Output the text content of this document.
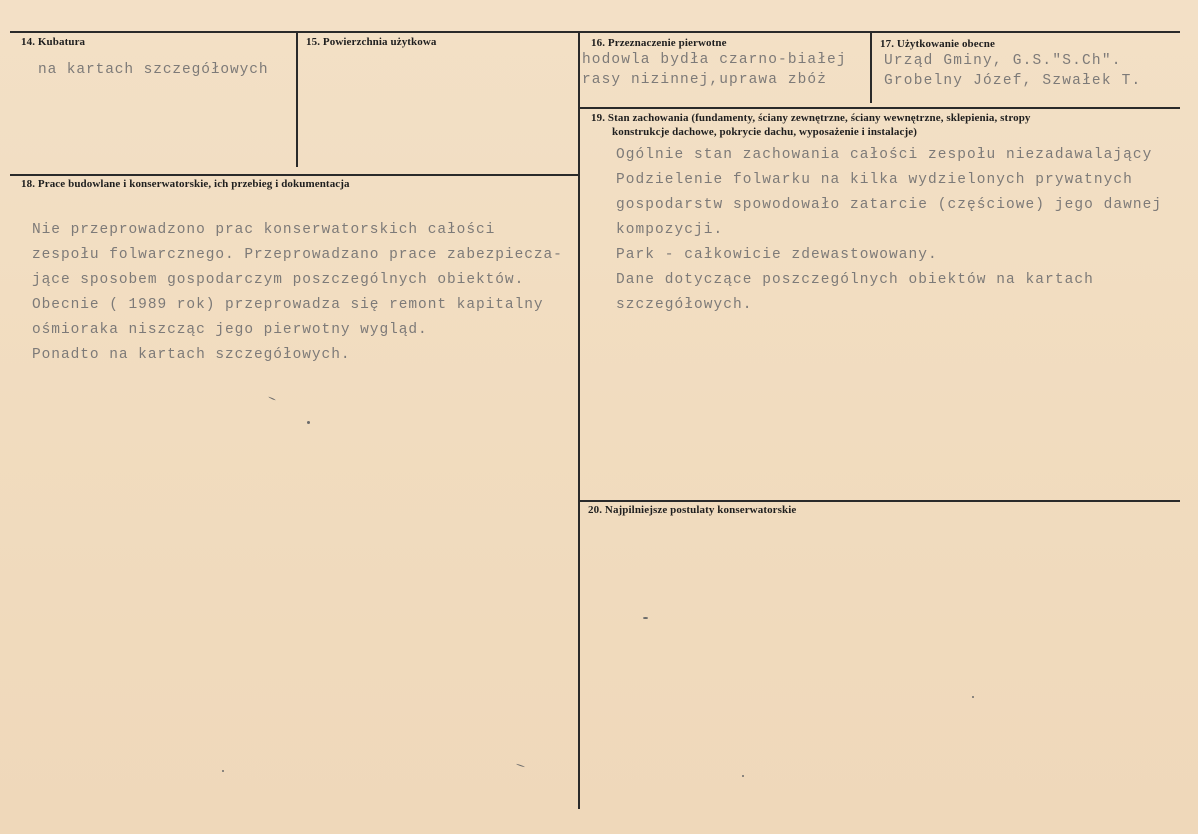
14. Kubatura
na kartach szczegółowych
15. Powierzchnia użytkowa	16. Przeznaczenie pierwotne
hodowla bydła czarno-białej
rasy nizinnej,uprawa zbóż
17. Użytkowanie obecne
Urząd Gminy, G.S."S.Ch".
Grobelny Józef, Szwałek T.
18. Prace budowlane i konserwatorskie, ich przebieg i dokumentacja
Nie przeprowadzono prac konserwatorskich całości
zespołu folwarcznego. Przeprowadzano prace zabezpiecza-
jące sposobem gospodarczym poszczególnych obiektów.
Obecnie ( 1989 rok) przeprowadza się remont kapitalny
ośmioraka niszcząc jego pierwotny wygląd.
Ponadto na kartach szczegółowych.
19. Stan zachowania (fundamenty, ściany zewnętrzne, ściany wewnętrzne, sklepienia, stropy
konstrukcje dachowe, pokrycie dachu, wyposażenie i instalacje)
Ogólnie stan zachowania całości zespołu niezadawalający
Podzielenie folwarku na kilka wydzielonych prywatnych
gospodarstw spowodowało zatarcie (częściowe) jego dawnej
kompozycji.
Park - całkowicie zdewastowowany.
Dane dotyczące poszczególnych obiektów na kartach
szczegółowych.
20. Najpilniejsze postulaty konserwatorskie
